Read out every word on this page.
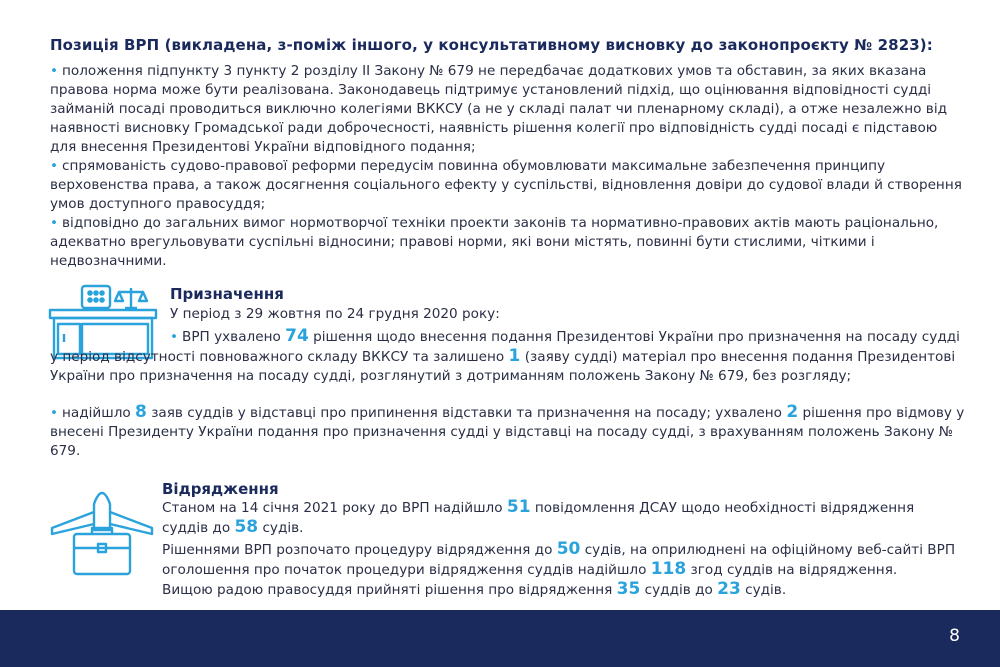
Позиція ВРП (викладена, з-поміж іншого, у консультативному висновку до законопроєкту № 2823):
• положення підпункту 3 пункту 2 розділу II Закону № 679 не передбачає додаткових умов та обставин, за яких вказана правова норма може бути реалізована. Законодавець підтримує установлений підхід, що оцінювання відповідності судді займаній посаді проводиться виключно колегіями ВККСУ (а не у складі палат чи пленарному складі), а отже незалежно від наявності висновку Громадської ради доброчесності, наявність рішення колегії про відповідність судді посаді є підставою для внесення Президентові України відповідного подання;
• спрямованість судово-правової реформи передусім повинна обумовлювати максимальне забезпечення принципу верховенства права, а також досягнення соціального ефекту у суспільстві, відновлення довіри до судової влади й створення умов доступного правосуддя;
• відповідно до загальних вимог нормотворчої техніки проекти законів та нормативно-правових актів мають раціонально, адекватно врегульовувати суспільні відносини; правові норми, які вони містять, повинні бути стислими, чіткими і недвозначними.
Призначення
У період з 29 жовтня по 24 грудня 2020 року:
• ВРП ухвалено 74 рішення щодо внесення подання Президентові України про призначення на посаду судді у період відсутності повноважного складу ВККСУ та залишено 1 (заяву судді) матеріал про внесення подання Президентові України про призначення на посаду судді, розглянутий з дотриманням положень Закону № 679, без розгляду;
• надійшло 8 заяв суддів у відставці про припинення відставки та призначення на посаду; ухвалено 2 рішення про відмову у внесені Президенту України подання про призначення судді у відставці на посаду судді, з врахуванням положень Закону № 679.
Відрядження
Станом на 14 січня 2021 року до ВРП надійшло 51 повідомлення ДСАУ щодо необхідності відрядження суддів до 58 судів.
Рішеннями ВРП розпочато процедуру відрядження до 50 судів, на оприлюднені на офіційному веб-сайті ВРП оголошення про початок процедури відрядження суддів надійшло 118 згод суддів на відрядження.
Вищою радою правосуддя прийняті рішення про відрядження 35 суддів до 23 судів.
8
